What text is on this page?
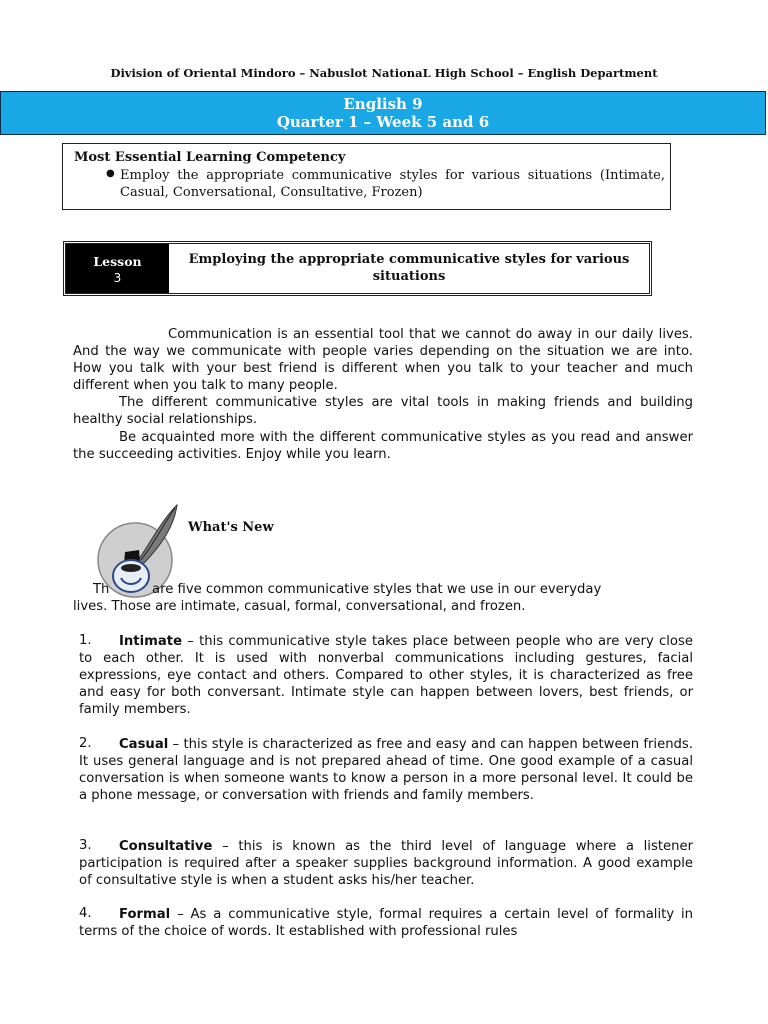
Division of Oriental Mindoro – Nabuslot NationaL High School – English Department
English 9
Quarter 1 – Week 5 and 6
Most Essential Learning Competency
● Employ the appropriate communicative styles for various situations (Intimate, Casual, Conversational, Consultative, Frozen)
Lesson
3
Employing the appropriate communicative styles for various situations
Communication is an essential tool that we cannot do away in our daily lives. And the way we communicate with people varies depending on the situation we are into. How you talk with your best friend is different when you talk to your teacher and much different when you talk to many people.
The different communicative styles are vital tools in making friends and building healthy social relationships.
Be acquainted more with the different communicative styles as you read and answer the succeeding activities. Enjoy while you learn.
What's New
Th	are five common communicative styles that we use in our everyday
lives. Those are intimate, casual, formal, conversational, and frozen.
1.	Intimate – this communicative style takes place between people who are very close to each other. It is used with nonverbal communications including gestures, facial expressions, eye contact and others. Compared to other styles, it is characterized as free and easy for both conversant. Intimate style can happen between lovers, best friends, or family members.
2.	Casual – this style is characterized as free and easy and can happen between friends. It uses general language and is not prepared ahead of time. One good example of a casual conversation is when someone wants to know a person in a more personal level. It could be a phone message, or conversation with friends and family members.
3.	Consultative – this is known as the third level of language where a listener participation is required after a speaker supplies background information. A good example of consultative style is when a student asks his/her teacher.
4.	Formal – As a communicative style, formal requires a certain level of formality in terms of the choice of words. It established with professional rules
